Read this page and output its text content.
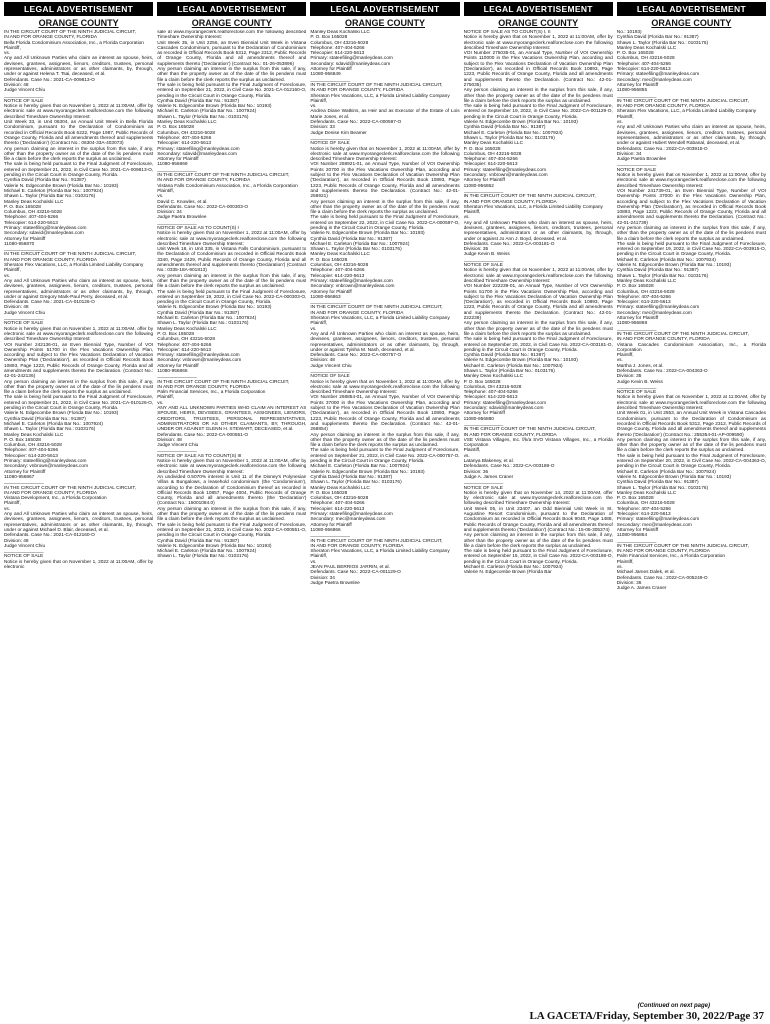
LEGAL ADVERTISEMENT
ORANGE COUNTY
IN THE CIRCUIT COURT OF THE NINTH JUDICIAL CIRCUIT,
IN AND FOR ORANGE COUNTY, FLORIDA
Bella Florida Condominium Association, Inc., a Florida Corporation
Plaintiff,
vs.
Any and All Unknown Parties who claim an interest as spouse, heirs, devisees, grantees, assignees, lienors, creditors, trustees, personal representatives, administrators or as other claimants, by, through, under or against Helena T. Tsai, deceased, et al.
Defendants. Case No.: 2021-CA-009813-O
Division: 48
Judge Vincent Chiu
_______________
NOTICE OF SALE
Notice is hereby given that on November 1, 2022 at 11:00AM, offer by electronic sale at www.myorangeclerk.realforeclose.com the following described Timeshare Ownership Interest:
Unit Week 33, in Unit 06304, an Annual Unit Week in Bella Florida Condominium, pursuant to the Declaration of Condominium as recorded in Official Records Book 6222, Page 1987, Public Records of Orange County, Florida and all amendments thereof and supplements thereto ('Declaration') (Contract No.: 06304-33A-403073)
Any person claiming an interest in the surplus from this sale, if any, other than the property owner as of the date of the lis pendens must file a claim before the clerk reports the surplus as unclaimed.
The sale is being held pursuant to the Final Judgment of Foreclosure, entered on September 21, 2022, in Civil Case No. 2021-CA-009813-O, pending in the Circuit Court in Orange County, Florida.
Cynthia David (Florida Bar No.: 91387)
Valerie N. Edgecombe Brown (Florida Bar No.: 10193)
Michael E. Carleton (Florida Bar No.: 1007924)
Shawn L. Taylor (Florida Bar No.: 0103176)
Manley Deas Kochalski LLC
P. O. Box 165028
Columbus, OH 43216-5028
Telephone: 407-404-5266
Telecopier: 614-220-5613
Primary: stateefiling@manleydeas.com
Secondary: sdavid@manleydeas.com
Attorney for Plaintiff
11080-956870
_______________
IN THE CIRCUIT COURT OF THE NINTH JUDICIAL CIRCUIT,
IN AND FOR ORANGE COUNTY, FLORIDA
Sheraton Flex Vacations, LLC, a Florida Limited Liability Company
Plaintiff,
vs.
Any and All Unknown Parties who claim an interest as spouse, heirs, devisees, grantees, assignees, lienors, creditors, trustees, personal representatives, administrators or as other claimants, by, through, under or against Gregory Mark-Paul Perry, deceased, et al.
Defendants. Case No.: 2021-CA-010126-O
Division: 48
Judge Vincent Chiu
_______________
NOTICE OF SALE
Notice is hereby given that on November 1, 2022 at 11:00AM, offer by electronic sale at www.myorangeclerk.realforeclose.com the following described Timeshare Ownership Interest:
VOI Number 242136-01, an Even Biennial Type, Number of VOI Ownership Points 51700 in the Flex Vacations Ownership Plan, according and subject to the Flex Vacations Declaration of Vacation Ownership Plan ('Declaration'), as recorded in Official Records Book 10893, Page 1223, Public Records of Orange County, Florida and all amendments and supplements thereto the Declaration. (Contract No.: 42-01-242136)
Any person claiming an interest in the surplus from this sale, if any, other than the property owner as of the date of the lis pendens must file a claim before the clerk reports the surplus as unclaimed.
The sale is being held pursuant to the Final Judgment of Foreclosure, entered on September 21, 2022, in Civil Case No. 2021-CA-010126-O, pending in the Circuit Court in Orange County, Florida.
Valerie N. Edgecombe Brown (Florida Bar No.: 10193)
Cynthia David (Florida Bar No.: 91387)
Michael E. Carleton (Florida Bar No.: 1007924)
Shawn L. Taylor (Florida Bar No.: 0103176)
Manley Deas Kochalski LLC
P. O. Box 165028
Columbus, OH 43216-5028
Telephone: 407-404-5266
Telecopier: 614-220-5613
Primary: stateefiling@manleydeas.com
Secondary: vnbrown@manleydeas.com
Attorney for Plaintiff
11080-956867
_______________
IN THE CIRCUIT COURT OF THE NINTH JUDICIAL CIRCUIT,
IN AND FOR ORANGE COUNTY, FLORIDA
Vistana Development, Inc., a Florida Corporation
Plaintiff,
vs.
Any and All Unknown Parties who claim an interest as spouse, heirs, devisees, grantees, assignees, lienors, creditors, trustees, personal representatives, administrators or as other claimants, by, through, under or against Michael D. Blair, deceased, et al.
Defendants. Case No.: 2021-CA-012160-O
Division: 48
Judge Vincent Chiu
_______________
NOTICE OF SALE
Notice is hereby given that on November 1, 2022 at 11:00AM, offer by electronic
LEGAL ADVERTISEMENT
ORANGE COUNTY
sale at www.myorangeclerk.realforeclose.com the following described Timeshare Ownership Interest:
Unit Week 35, in Unit 2256, an Even Biennial Unit Week in Vistana Cascades Condominium, pursuant to the Declaration of Condominium as recorded in Official Records Book 5312, Page 2312, Public Records of Orange County, Florida and all amendments thereof and supplements thereto ('Declaration') (Contract No.: 01-26-053896)
Any person claiming an interest in the surplus from this sale, if any, other than the property owner as of the date of the lis pendens must file a claim before the clerk reports the surplus as unclaimed.
The sale is being held pursuant to the Final Judgment of Foreclosure, entered on September 21, 2022, in Civil Case No. 2021-CA-012160-O, pending in the Circuit Court in Orange County, Florida.
Cynthia David (Florida Bar No.: 91387)
Valerie N. Edgecombe Brown (Florida Bar No.: 10193)
Michael E. Carleton (Florida Bar No.: 1007924)
Shawn L. Taylor (Florida Bar No.: 0103176)
Manley Deas Kochalski LLC
P. O. Box 165028
Columbus, OH 43216-5028
Telephone: 407-404-5266
Telecopier: 614-220-5613
Primary: stateefiling@manleydeas.com
Secondary: sdavid@manleydeas.com
Attorney for Plaintiff
11080-956869
_______________
IN THE CIRCUIT COURT OF THE NINTH JUDICIAL CIRCUIT,
IN AND FOR ORANGE COUNTY, FLORIDA
Vistana Falls Condominium Association, Inc., a Florida Corporation
Plaintiff,
vs.
David C. Knowles, et al.
Defendants. Case No.: 2022-CA-000303-O
Division: 34
Judge Paetra Brownlee
_______________
NOTICE OF SALE AS TO COUNT(S) I
Notice is hereby given that on November 1, 2022 at 11:00AM, offer by electronic sale at www.myorangeclerk.realforeclose.com the following described Timeshare Ownership Interest:
Unit Week 18, in Unit 335, in Vistana Falls Condominium, pursuant to the Declaration of Condominium as recorded in Official Records Book 3340, Page 2429, Public Records of Orange County, Florida and all amendments thereof and supplements thereto ('Declaration') (Contract No.: 0335-18A-901813)
Any person claiming an interest in the surplus from this sale, if any, other than the property owner as of the date of the lis pendens must file a claim before the clerk reports the surplus as unclaimed.
The sale is being held pursuant to the Final Judgment of Foreclosure, entered on September 19, 2022, in Civil Case No. 2022-CA-000303-O, pending in the Circuit Court in Orange County, Florida.
Valerie N. Edgecombe Brown (Florida Bar No.: 10193)
Cynthia David (Florida Bar No.: 91387)
Michael E. Carleton (Florida Bar No.: 1007924)
Shawn L. Taylor (Florida Bar No.: 0103176)
Manley Deas Kochalski LLC
P. O. Box 165028
Columbus, OH 43216-5028
Telephone: 407-404-5266
Telecopier: 614-220-5613
Primary: stateefiling@manleydeas.com
Secondary: vnbrown@manleydeas.com
Attorney for Plaintiff
11080-956865
_______________
IN THE CIRCUIT COURT OF THE NINTH JUDICIAL CIRCUIT,
IN AND FOR ORANGE COUNTY, FLORIDA
Palm Financial Services, Inc., a Florida Corporation
Plaintiff,
vs.
ANY AND ALL UNKNOWN PARTIES WHO CLAIM AN INTEREST AS SPOUSE, HEIRS, DEVISEES, GRANTEES, ASSIGNEES, LIENORS, CREDITORS, TRUSTEES, PERSONAL REPRESENTATIVES, ADMINISTRATORS OR AS OTHER CLAIMANTS, BY, THROUGH, UNDER OR AGAINST GLENN H. STEWART, DECEASED, et al.
Defendants. Case No.: 2022-CA-000551-O
Division: 48
Judge Vincent Chiu
_______________
NOTICE OF SALE AS TO COUNT(S) III
Notice is hereby given that on November 1, 2022 at 11:00AM, offer by electronic sale at www.myorangeclerk.realforeclose.com the following described Timeshare Ownership Interest:
An undivided 0.5070% interest in Unit 11 of the Disney's Polynesian Villas & Bungalows, a leasehold condominium (the 'Condominium'), according to the Declaration of Condominium thereof as recorded in Official Records Book 10857, Page 4004, Public Records of Orange County, Florida and all amendments thereto (the 'Declaration') (Contract No.: 15001084.0)
Any person claiming an interest in the surplus from this sale, if any, other than the property owner as of the date of the lis pendens must file a claim before the clerk reports the surplus as unclaimed.
The sale is being held pursuant to the Final Judgment of Foreclosure, entered on September 21, 2022, in Civil Case No. 2022-CA-000551-O, pending in the Circuit Court in Orange County, Florida.
Cynthia David (Florida Bar No.: 91387)
Valerie N. Edgecombe Brown (Florida Bar No.: 10193)
Michael E. Carleton (Florida Bar No.: 1007924)
Shawn L. Taylor (Florida Bar No.: 0103176)
LEGAL ADVERTISEMENT
ORANGE COUNTY
Manley Deas Kochalski LLC
P. O. Box 165028
Columbus, OH 43216-5028
Telephone: 407-404-5266
Telecopier: 614-220-5613
Primary: stateefiling@manleydeas.com
Secondary: sdavid@manleydeas.com
Attorney for Plaintiff
11080-956849
_______________
IN THE CIRCUIT COURT OF THE NINTH JUDICIAL CIRCUIT,
IN AND FOR ORANGE COUNTY, FLORIDA
Sheraton Flex Vacations, LLC, a Florida Limited Liability Company
Plaintiff,
vs.
Andrea Diane Watkins, as Heir and as Executor of the Estate of Lois Marie Jones, et al.
Defendants. Case No.: 2022-CA-000597-O
Division: 33
Judge Denise Kim Beamer
_______________
NOTICE OF SALE
Notice is hereby given that on November 1, 2022 at 11:00AM, offer by electronic sale at www.myorangeclerk.realforeclose.com the following described Timeshare Ownership Interest:
VOI Number 258921-01, an Annual Type, Number of VOI Ownership Points 20700 in the Flex Vacations Ownership Plan, according and subject to the Flex Vacations Declaration of Vacation Ownership Plan ('Declaration'), as recorded in Official Records Book 10893, Page 1223, Public Records of Orange County, Florida and all amendments and supplements thereto the Declaration. (Contract No.: 42-01-258921)
Any person claiming an interest in the surplus from this sale, if any, other than the property owner as of the date of the lis pendens must file a claim before the clerk reports the surplus as unclaimed.
The sale is being held pursuant to the Final Judgment of Foreclosure, entered on September 22, 2022, in Civil Case No. 2022-CA-000597-O, pending in the Circuit Court in Orange County, Florida.
Valerie N. Edgecombe Brown (Florida Bar No.: 10193)
Cynthia David (Florida Bar No.: 91387)
Michael E. Carleton (Florida Bar No.: 1007924)
Shawn L. Taylor (Florida Bar No.: 0103176)
Manley Deas Kochalski LLC
P. O. Box 165028
Columbus, OH 43216-5028
Telephone: 407-404-5266
Telecopier: 614-220-5613
Primary: stateefiling@manleydeas.com
Secondary: vnbrown@manleydeas.com
Attorney for Plaintiff
11080-956863
_______________
IN THE CIRCUIT COURT OF THE NINTH JUDICIAL CIRCUIT,
IN AND FOR ORANGE COUNTY, FLORIDA
Sheraton Flex Vacations, LLC, a Florida Limited Liability Company
Plaintiff,
vs.
Any and All Unknown Parties who claim an interest as spouse, heirs, devisees, grantees, assignees, lienors, creditors, trustees, personal representatives, administrators or as other claimants, by, through, under or against Tyisha M. Nash, deceased, et al.
Defendants. Case No.: 2022-CA-000757-O
Division: 48
Judge Vincent Chiu
_______________
NOTICE OF SALE
Notice is hereby given that on November 1, 2022 at 11:00AM, offer by electronic sale at www.myorangeclerk.realforeclose.com the following described Timeshare Ownership Interest:
VOI Number 268854-01, an Annual Type, Number of VOI Ownership Points 37000 in the Flex Vacations Ownership Plan, according and subject to the Flex Vacations Declaration of Vacation Ownership Plan ('Declaration'), as recorded in Official Records Book 10893, Page 1223, Public Records of Orange County, Florida and all amendments and supplements thereto the Declaration. (Contract No.: 42-01-268854)
Any person claiming an interest in the surplus from this sale, if any, other than the property owner as of the date of the lis pendens must file a claim before the clerk reports the surplus as unclaimed.
The sale is being held pursuant to the Final Judgment of Foreclosure, entered on September 21, 2022, in Civil Case No. 2022-CA-000757-O, pending in the Circuit Court in Orange County, Florida.
Michael E. Carleton (Florida Bar No.: 1007924)
Valerie N. Edgecombe Brown (Florida Bar No.: 10193)
Cynthia David (Florida Bar No.: 91387)
Shawn L. Taylor (Florida Bar No.: 0103176)
Manley Deas Kochalski LLC
P. O. Box 165028
Columbus, OH 43216-5028
Telephone: 407-404-5266
Telecopier: 614-220-5613
Primary: stateefiling@manleydeas.com
Secondary: mec@manleydeas.com
Attorney for Plaintiff
11080-956866
_______________
IN THE CIRCUIT COURT OF THE NINTH JUDICIAL CIRCUIT,
IN AND FOR ORANGE COUNTY, FLORIDA
Sheraton Flex Vacations, LLC, a Florida Limited Liability Company
Plaintiff,
vs.
JEAN PAUL BERRIOS JARRIN, et al.
Defendants. Case No.: 2022-CA-001129-O
Division: 34
Judge Paetra Brownlee
LEGAL ADVERTISEMENT
ORANGE COUNTY
NOTICE OF SALE AS TO COUNT(S) I, II
Notice is hereby given that on November 1, 2022 at 11:00AM, offer by electronic sale at www.myorangeclerk.realforeclose.com the following described Timeshare Ownership Interest:
VOI Number 275035-01, an Annual Type, Number of VOI Ownership Points 110000 in the Flex Vacations Ownership Plan, according and subject to the Flex Vacations Declaration of Vacation Ownership Plan ('Declaration'), as recorded in Official Records Book 10893, Page 1223, Public Records of Orange County, Florida and all amendments and supplements thereto the Declaration. (Contract No.: 42-01-275035)
Any person claiming an interest in the surplus from this sale, if any, other than the property owner as of the date of the lis pendens must file a claim before the clerk reports the surplus as unclaimed.
The sale is being held pursuant to the Final Judgment of Foreclosure, entered on September 19, 2022, in Civil Case No. 2022-CA-001129-O, pending in the Circuit Court in Orange County, Florida.
Valerie N. Edgecombe Brown (Florida Bar No.: 10193)
Cynthia David (Florida Bar No.: 91387)
Michael E. Carleton (Florida Bar No.: 1007924)
Shawn L. Taylor (Florida Bar No.: 0103176)
Manley Deas Kochalski LLC
P. O. Box 165028
Columbus, OH 43216-5028
Telephone: 407-404-5266
Telecopier: 614-220-5613
Primary: stateefiling@manleydeas.com
Secondary: vnbrown@manleydeas.com
Attorney for Plaintiff
11080-956862
_______________
IN THE CIRCUIT COURT OF THE NINTH JUDICIAL CIRCUIT,
IN AND FOR ORANGE COUNTY, FLORIDA
Sheraton Flex Vacations, LLC, a Florida Limited Liability Company
Plaintiff,
vs.
Any and All Unknown Parties who claim an interest as spouse, heirs, devisees, grantees, assignees, lienors, creditors, trustees, personal representatives, administrators or as other claimants, by, through, under or against Jo Ann J. Boyd, deceased, et al.
Defendants. Case No.: 2022-CA-003181-O
Division: 35
Judge Kevin B. Weiss
_______________
NOTICE OF SALE
Notice is hereby given that on November 1, 2022 at 11:00AM, offer by electronic sale at www.myorangeclerk.realforeclose.com the following described Timeshare Ownership Interest:
VOI Number 222239-01, an Annual Type, Number of VOI Ownership Points 51700 in the Flex Vacations Ownership Plan, according and subject to the Flex Vacations Declaration of Vacation Ownership Plan ('Declaration'), as recorded in Official Records Book 10893, Page 1223, Public Records of Orange County, Florida and all amendments and supplements thereto the Declaration. (Contract No.: 42-01-222239)
Any person claiming an interest in the surplus from this sale, if any, other than the property owner as of the date of the lis pendens must file a claim before the clerk reports the surplus as unclaimed.
The sale is being held pursuant to the Final Judgment of Foreclosure, entered on September 20, 2022, in Civil Case No. 2022-CA-003181-O, pending in the Circuit Court in Orange County, Florida.
Cynthia David (Florida Bar No.: 91387)
Valerie N. Edgecombe Brown (Florida Bar No.: 10193)
Michael E. Carleton (Florida Bar No.: 1007924)
Shawn L. Taylor (Florida Bar No.: 0103176)
Manley Deas Kochalski LLC
P. O. Box 165028
Columbus, OH 43216-5028
Telephone: 407-404-5266
Telecopier: 614-220-5613
Primary: stateefiling@manleydeas.com
Secondary: sdavid@manleydeas.com
Attorney for Plaintiff
11080-956880
_______________
IN THE CIRCUIT COURT OF THE NINTH JUDICIAL CIRCUIT,
IN AND FOR ORANGE COUNTY, FLORIDA
VSE Vistana Villages, Inc. f/k/a SVO Vistana Villages, Inc., a Florida Corporation
Plaintiff,
vs.
Latanya Blakeney, et al.
Defendants. Case No.: 2022-CA-003188-O
Division: 36
Judge A. James Craner
_______________
NOTICE OF SALE
Notice is hereby given that on November 14, 2022 at 11:00AM, offer by electronic sale at www.myorangeclerk.realforeclose.com the following described Timeshare Ownership Interest:
Unit Week 05, in Unit 23407, an Odd Biennial Unit Week in St. Augustine Resort Condominium, pursuant to the Declaration of Condominium as recorded in Official Records Book 9040, Page 1488, Public Records of Orange County, Florida and all amendments thereof and supplements thereto ('Declaration') (Contract No.: 15-05-305374)
Any person claiming an interest in the surplus from this sale, if any, other than the property owner as of the date of the lis pendens must file a claim before the clerk reports the surplus as unclaimed.
The sale is being held pursuant to the Final Judgment of Foreclosure, entered on September 15, 2022, in Civil Case No. 2022-CA-003188-O, pending in the Circuit Court in Orange County, Florida.
Michael E. Carleton (Florida Bar No.: 1007924)
Valerie N. Edgecombe Brown (Florida Bar
LEGAL ADVERTISEMENT
ORANGE COUNTY
No.: 10193)
Cynthia David (Florida Bar No.: 91387)
Shawn L. Taylor (Florida Bar No.: 0103176)
Manley Deas Kochalski LLC
P. O. Box 165028
Columbus, OH 43216-5028
Telephone: 407-404-5266
Telecopier: 614-220-5613
Primary: stateefiling@manleydeas.com
Secondary: mec@manleydeas.com
Attorney for Plaintiff
11080-956855
_______________
IN THE CIRCUIT COURT OF THE NINTH JUDICIAL CIRCUIT,
IN AND FOR ORANGE COUNTY, FLORIDA
Sheraton Flex Vacations, LLC, a Florida Limited Liability Company
Plaintiff,
vs.
Any and All Unknown Parties who claim an interest as spouse, heirs, devisees, grantees, assignees, lienors, creditors, trustees, personal representatives, administrators or as other claimants, by, through, under or against Hubert Wendell Rabanal, deceased, et al.
Defendants. Case No.: 2022-CA-003915-O
Division: 34
Judge Paetra Brownlee
_______________
NOTICE OF SALE
Notice is hereby given that on November 1, 2022 at 11:00AM, offer by electronic sale at www.myorangeclerk.realforeclose.com the following described Timeshare Ownership Interest:
VOI Number 241739-01, an Even Biennial Type, Number of VOI Ownership Points 37000 in the Flex Vacations Ownership Plan, according and subject to the Flex Vacations Declaration of Vacation Ownership Plan ('Declaration'), as recorded in Official Records Book 10893, Page 1223, Public Records of Orange County, Florida and all amendments and supplements thereto the Declaration. (Contract No.: 42-01-241739)
Any person claiming an interest in the surplus from this sale, if any, other than the property owner as of the date of the lis pendens must file a claim before the clerk reports the surplus as unclaimed.
The sale is being held pursuant to the Final Judgment of Foreclosure, entered on September 19, 2022, in Civil Case No. 2022-CA-003915-O, pending in the Circuit Court in Orange County, Florida.
Michael E. Carleton (Florida Bar No.: 1007924)
Valerie N. Edgecombe Brown (Florida Bar No.: 10193)
Cynthia David (Florida Bar No.: 91387)
Shawn L. Taylor (Florida Bar No.: 0103176)
Manley Deas Kochalski LLC
P. O. Box 165028
Columbus, OH 43216-5028
Telephone: 407-404-5266
Telecopier: 614-220-5613
Primary: stateefiling@manleydeas.com
Secondary: mec@manleydeas.com
Attorney for Plaintiff
11080-956868
_______________
IN THE CIRCUIT COURT OF THE NINTH JUDICIAL CIRCUIT,
IN AND FOR ORANGE COUNTY, FLORIDA
Vistana Cascades Condominium Association, Inc., a Florida Corporation
Plaintiff,
vs.
Martha J. Jones, et al.
Defendants. Case No.: 2022-CA-004363-O
Division: 35
Judge Kevin B. Weiss
_______________
NOTICE OF SALE
Notice is hereby given that on November 1, 2022 at 11:00AM, offer by electronic sale at www.myorangeclerk.realforeclose.com the following described Timeshare Ownership Interest:
Unit Week 01, in Unit 2553, an Annual Unit Week in Vistana Cascades Condominium, pursuant to the Declaration of Condominium as recorded in Official Records Book 5312, Page 2312, Public Records of Orange County, Florida and all amendments thereof and supplements thereto ('Declaration') (Contract No.: 255354-01-AP-009590)
Any person claiming an interest in the surplus from this sale, if any, other than the property owner as of the date of the lis pendens must file a claim before the clerk reports the surplus as unclaimed.
The sale is being held pursuant to the Final Judgment of Foreclosure, entered on September 20, 2022, in Civil Case No. 2022-CA-004363-O, pending in the Circuit Court in Orange County, Florida.
Michael E. Carleton (Florida Bar No.: 1007924)
Valerie N. Edgecombe Brown (Florida Bar No.: 10193)
Cynthia David (Florida Bar No.: 91387)
Shawn L. Taylor (Florida Bar No.: 0103176)
Manley Deas Kochalski LLC
P. O. Box 165028
Columbus, OH 43216-5028
Telephone: 407-404-5266
Telecopier: 614-220-5613
Primary: stateefiling@manleydeas.com
Secondary: mec@manleydeas.com
Attorney for Plaintiff
11080-956864
_______________
IN THE CIRCUIT COURT OF THE NINTH JUDICIAL CIRCUIT,
IN AND FOR ORANGE COUNTY, FLORIDA
Palm Financial Services, Inc., a Florida Corporation
Plaintiff,
vs.
Michael James Dalek, et al.
Defendants. Case No.: 2022-CA-005249-O
Division: 36
Judge A. James Craner
(Continued on next page)
LA GACETA/Friday, September 30, 2022/Page 37
